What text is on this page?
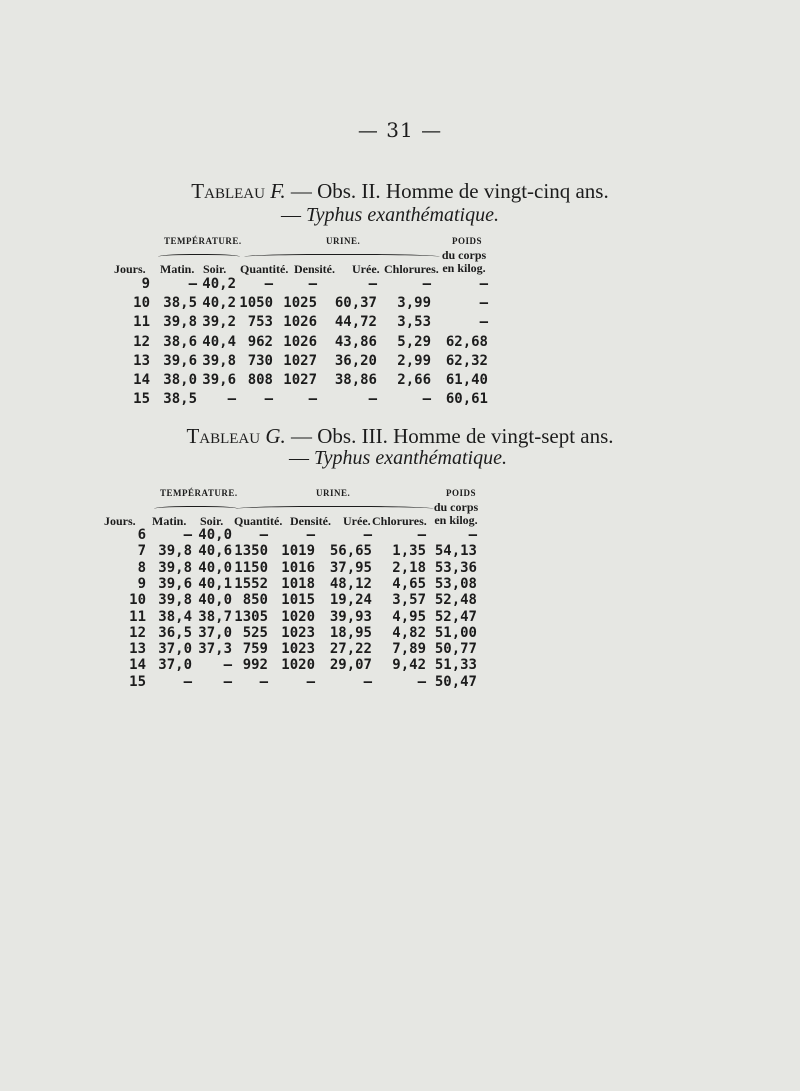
— 31 —
Tableau F. — Obs. II. Homme de vingt-cinq ans.
— Typhus exanthématique.
TEMPÉRATURE.	URINE.	POIDS
Jours. Matin. Soir. Quantité. Densité. Urée. Chlorures.
du corps en kilog.
9	— 40,2	—	—	—	—	—
10 38,5 40,2 1050 1025	60,37	3,99	—
11 39,8 39,2 753 1026	44,72	3,53	—
12 38,6 40,4 962 1026	43,86	5,29	62,68
13 39,6 39,8 730 1027	36,20	2,99	62,32
14 38,0 39,6 808 1027	38,86	2,66	61,40
15 38,5	—	—	—	—	—	60,61
Tableau G. — Obs. III. Homme de vingt-sept ans.
— Typhus exanthématique.
TEMPÉRATURE.	URINE.	POIDS
Jours. Matin. Soir. Quantité. Densité. Urée. Chlorures.
du corps en kilog.
6	— 40,0	—	—	—	—	—
7 39,8 40,6 1350 1019	56,65	1,35 54,13
8 39,8 40,0 1150 1016	37,95	2,18 53,36
9 39,6 40,1 1552 1018	48,12	4,65 53,08
10 39,8 40,0 850 1015	19,24	3,57 52,48
11 38,4 38,7 1305 1020	39,93	4,95 52,47
12 36,5 37,0 525 1023	18,95	4,82 51,00
13 37,0 37,3 759 1023	27,22	7,89 50,77
14 37,0	— 992 1020	29,07	9,42 51,33
15	—	—	—	—	—	— 50,47
